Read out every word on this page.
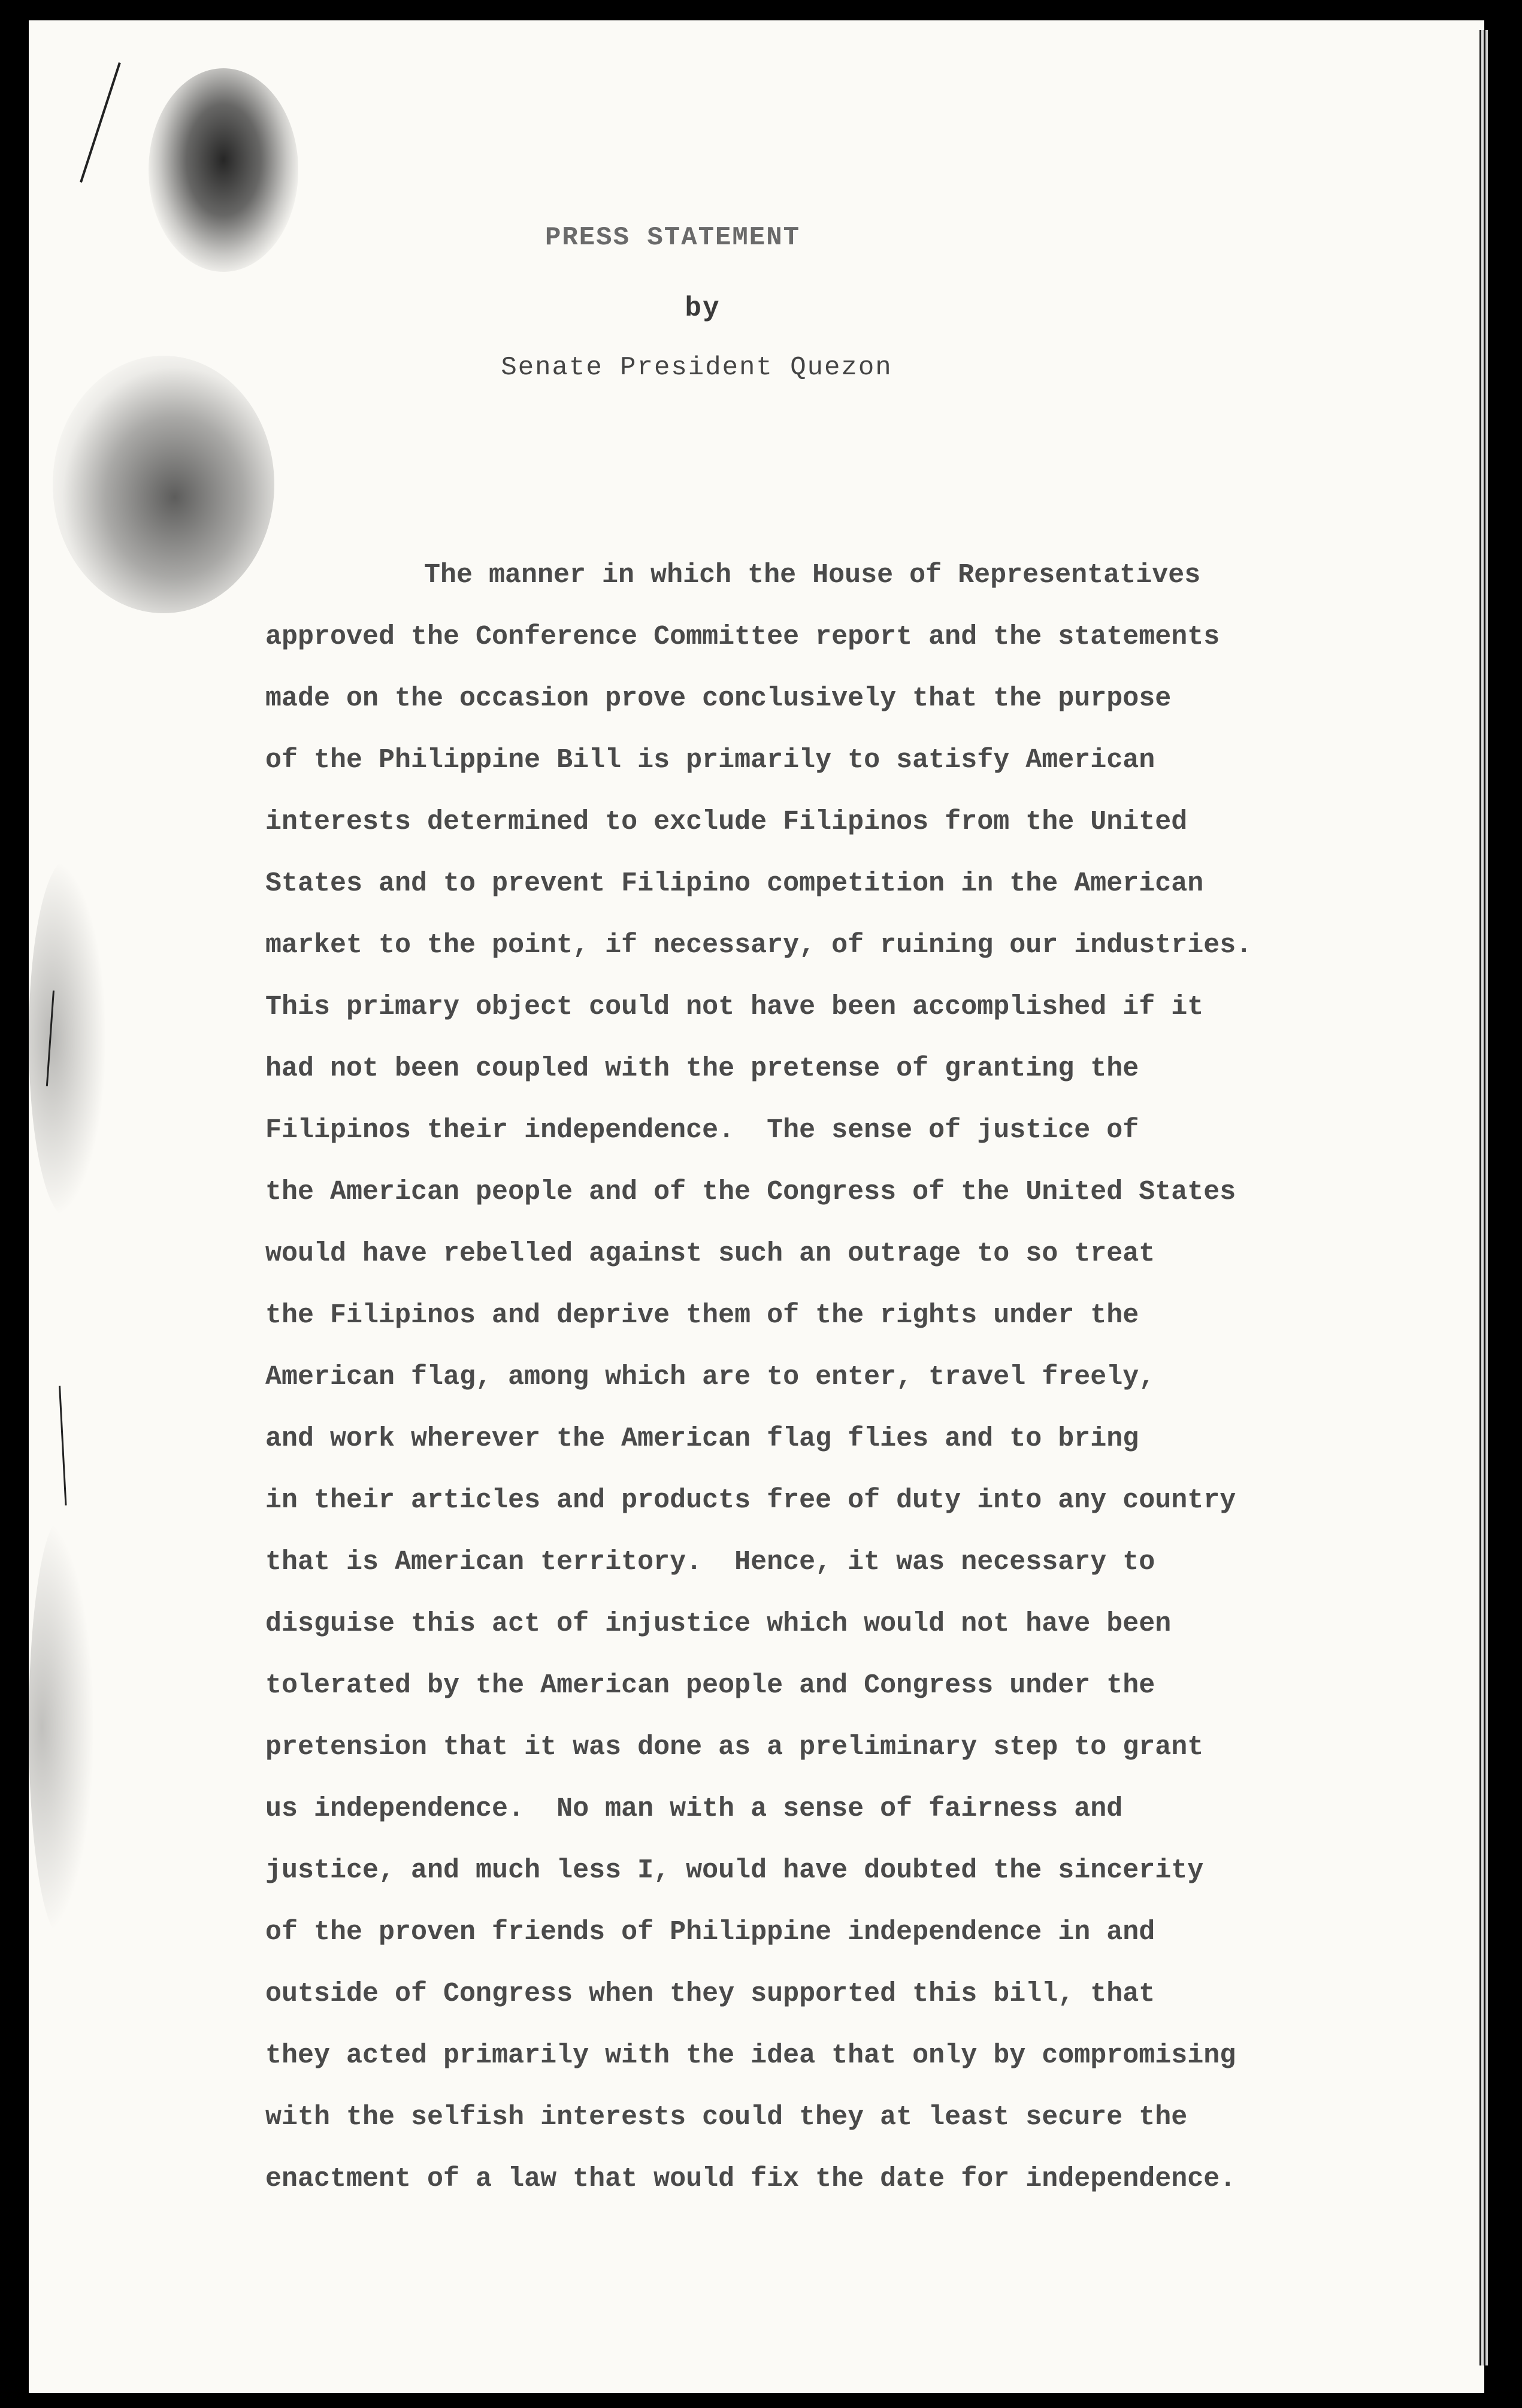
PRESS STATEMENT
by
Senate President Quezon

The manner in which the House of Representatives
approved the Conference Committee report and the statements
made on the occasion prove conclusively that the purpose
of the Philippine Bill is primarily to satisfy American
interests determined to exclude Filipinos from the United
States and to prevent Filipino competition in the American
market to the point, if necessary, of ruining our industries.
This primary object could not have been accomplished if it
had not been coupled with the pretense of granting the
Filipinos their independence.  The sense of justice of
the American people and of the Congress of the United States
would have rebelled against such an outrage to so treat
the Filipinos and deprive them of the rights under the
American flag, among which are to enter, travel freely,
and work wherever the American flag flies and to bring
in their articles and products free of duty into any country
that is American territory.  Hence, it was necessary to
disguise this act of injustice which would not have been
tolerated by the American people and Congress under the
pretension that it was done as a preliminary step to grant
us independence.  No man with a sense of fairness and
justice, and much less I, would have doubted the sincerity
of the proven friends of Philippine independence in and
outside of Congress when they supported this bill, that
they acted primarily with the idea that only by compromising
with the selfish interests could they at least secure the
enactment of a law that would fix the date for independence.
